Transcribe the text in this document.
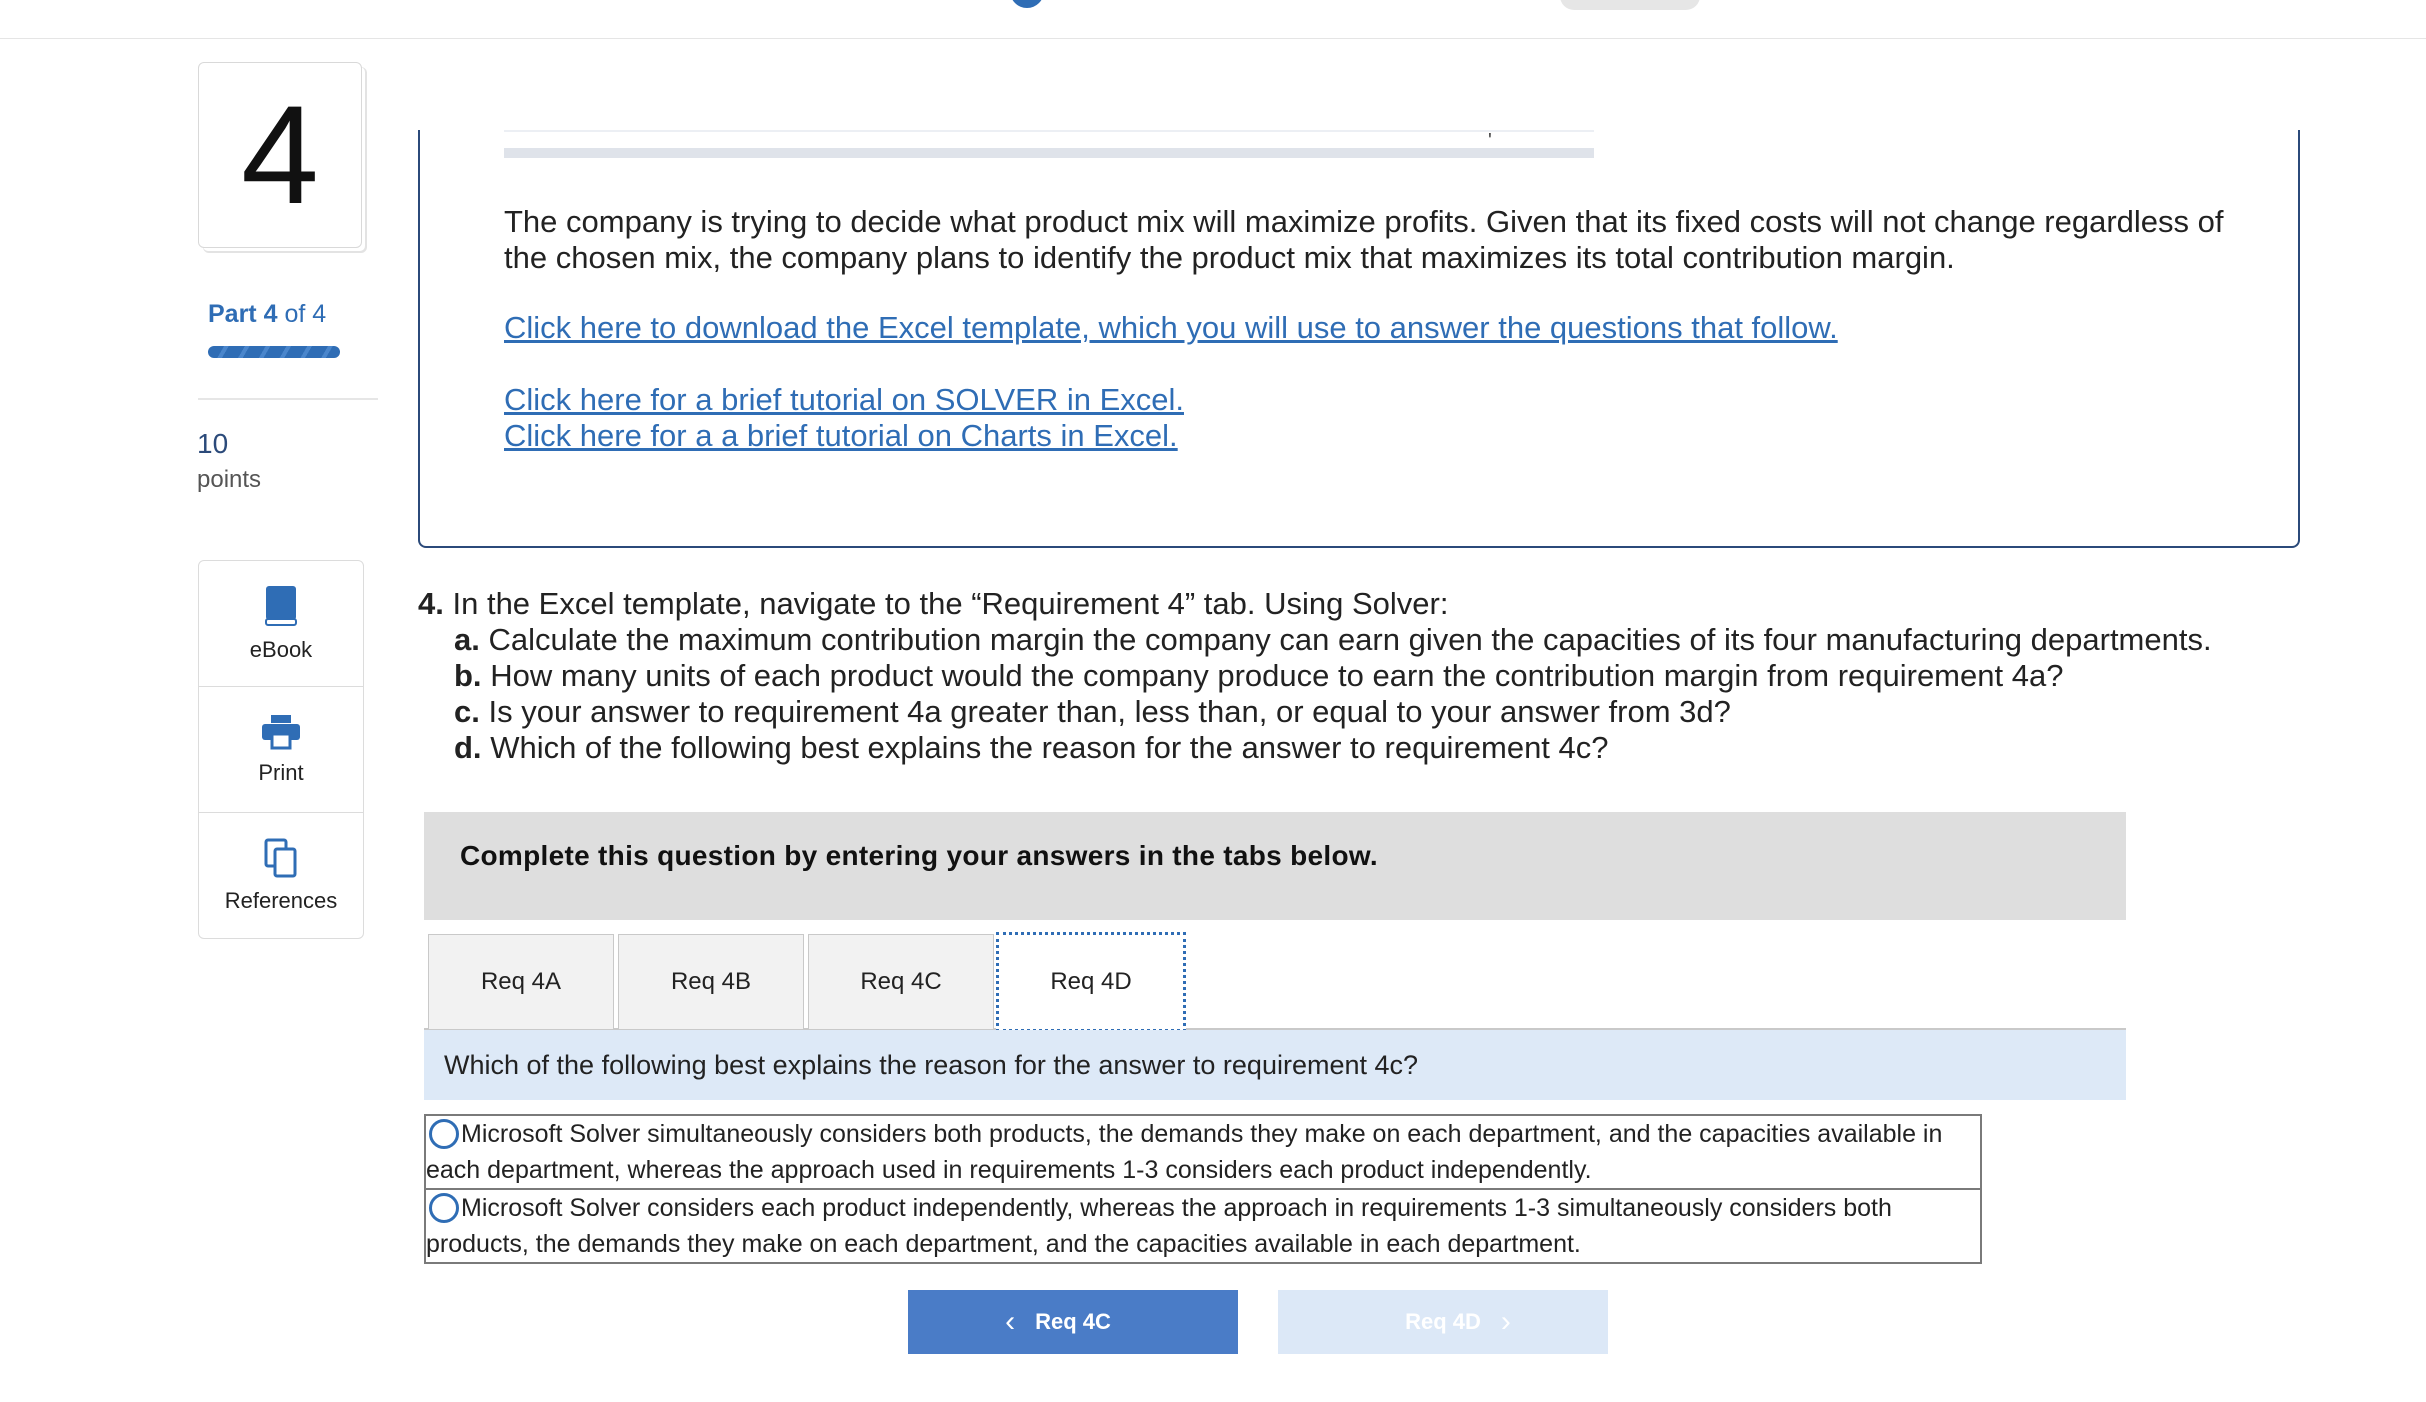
4
Part 4 of 4
10
points
eBook
Print
References
'

The company is trying to decide what product mix will maximize profits. Given that its fixed costs will not change regardless of the chosen mix, the company plans to identify the product mix that maximizes its total contribution margin.

Click here to download the Excel template, which you will use to answer the questions that follow.
Click here for a brief tutorial on SOLVER in Excel.
Click here for a a brief tutorial on Charts in Excel.
4. In the Excel template, navigate to the “Requirement 4” tab. Using Solver:
a. Calculate the maximum contribution margin the company can earn given the capacities of its four manufacturing departments.
b. How many units of each product would the company produce to earn the contribution margin from requirement 4a?
c. Is your answer to requirement 4a greater than, less than, or equal to your answer from 3d?
d. Which of the following best explains the reason for the answer to requirement 4c?
Complete this question by entering your answers in the tabs below.
Req 4A	Req 4B	Req 4C	Req 4D
Which of the following best explains the reason for the answer to requirement 4c?
Microsoft Solver simultaneously considers both products, the demands they make on each department, and the capacities available in each department, whereas the approach used in requirements 1-3 considers each product independently.
Microsoft Solver considers each product independently, whereas the approach in requirements 1-3 simultaneously considers both products, the demands they make on each department, and the capacities available in each department.
‹ Req 4C	Req 4D ›
